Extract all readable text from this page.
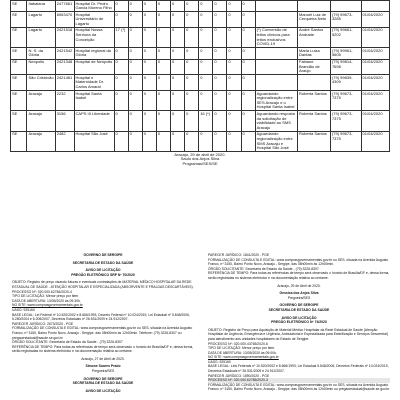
SE	Itabaiana	2477661	Hospital Dr. Pedro Garcia Moreno Filho	0	0	0	0	0	0	0	0	0	0				
SE	Lagarto	6063470	Hospital Universitário de Lagarto	0	0	0	0	0	0	0	0	0	0		Manoel Luiz de Cerqueira Neto	(79) 99673-3285	01/04/2020
SE	Lagarto	2421518	Hospital Nossa Senhora da Conceição	17 (*)	0	0	0	0	0	0	0	0	0	(*) Conversão de leitos clínicos para leitos exclusivos COVID-19	André Santos Andrade	(79) 99661-5202	01/04/2020
SE	N. S. da Glória	2421542	Hospital regional da Glória	0	0	0	0	0	0	0	0	0	0		Maria Luiza Dantas	(79) 99961-5605	01/04/2020
SE	Neópolis	2421348	Hospital de Neópolis	0	0	0	0	0	0	0	0	0	0		Fabiane Brandão de Araújo	(79) 99814-7698	01/04/2020
SE	São Cristóvão	2421461	Hospital e Maternidade Dr. Carlos Amaral	0	0	0	0	0	0	0	0	0	0			(79) 99839-4309	01/04/2020
SE	Aracaju	2232	Hospital Santa Isabel	0	0	0	0	0	0	0	0	0	0	Aguardando regionalização entre SES Aracaju e o Hospital Santa Isabel	Roberta Santos	(79) 99673-7375	01/04/2020
SE	Aracaju	3156	CAPS III Liberdade	0	0	0	0	0	0	16 (*)	0	0	0	Aguardando resposta da solicitação de viabilidade ao SMS Aracaju	Roberta Santos	(79) 99673-7375	01/04/2020
SE	Aracaju	2482	Hospital São José	0	0	0	0	0	0	0	0	0	0	Aguardando regionalização entre SMS Aracaju e Hospital São José	Roberta Santos	(79) 99673-7375	01/04/2020

Aracaju, 29 de abril de 2020.
Saulo dos Anjos Silva
Programas/SES/SE																	
GOVERNO DE SERGIPE
SECRETARIA DE ESTADO DA SAÚDE
AVISO DE LICITAÇÃO
PREGÃO ELETRÔNICO SRP Nº 70/2020
OBJETO: Registro de preço visando futuras e eventuais contratações de MATERIAL MÉDICO HOSPITALAR DA REDE ESTADUAL DE SAÚDE - ATENÇÃO HOSPITALAR E ESPECIALIZADA (ABSORVENTE E FRALDAS DESCARTÁVEIS).
PROCESSO Nº: 020.000.62784/2020-4
TIPO DE LICITAÇÃO: Menor preço por item.
DATA DE ABERTURA: 13/05/2020 às 09:30h.
NO SITE: www.comprasgovernamentais.gov.br
UASG: 925160
BASE LEGAL: Lei Federal nº 10.520/2002 e 8.666/1993, Decreto Federal nº 10.024/2019, Lei Estadual nº 5.848/2006, 5.280/2004 e 6.206/2007, Decretos Estaduais nº 26.531/2009 e 24.912/2007.
PARECER JURÍDICO: 2673/2020 - PGE
FORMALIZAÇÃO DE CONSULTA E EDITAL: www.comprasgovernamentais.gov.br ou SES, situada na Avenida Augusto Franco, nº 3150, Bairro Ponto Novo, Aracaju - Sergipe, das 08h00min às 12h00min. Telefone: (79) 3226-8307 ou pregaoestadual@saude.se.gov.br
ÓRGÃO SOLICITANTE: Secretaria de Estado da Saúde - (79) 3226-8307
REFERÊNCIA DE TEMPO: Para todas as referências de tempo será observado o horário de Brasília/DF e, dessa forma, serão registradas no sistema eletrônico e na documentação relativa ao certame.
Aracaju, 27 de Abril de 2020.
Simone Soares Prado
Pregoeira/SES
GOVERNO DE SERGIPE
SECRETARIA DE ESTADO DA SAÚDE
AVISO DE LICITAÇÃO
PARECER JURÍDICO: 1841/2020 - PGE
FORMALIZAÇÃO DE CONSULTA E EDITAL: www.comprasgovernamentais.gov.br ou SES, situada na Avenida Augusto Franco, nº 3150, Bairro Ponto Novo, Aracaju - Sergipe, das 08h00min às 12h00min.
ÓRGÃO SOLICITANTE: Secretaria de Estado da Saúde - (79) 3226-8307
REFERÊNCIA DE TEMPO: Para todas as referências de tempo será observado o horário de Brasília/DF e, dessa forma, serão registradas no sistema eletrônico e na documentação relativa ao certame.
Aracaju, 29 de Abril de 2020.
Gessica dos Anjos Silva
Pregoeira/SES
GOVERNO DE SERGIPE
SECRETARIA DE ESTADO DA SAÚDE
AVISO DE LICITAÇÃO
PREGÃO ELETRÔNICO Nº 74/2020
OBJETO: Registro de Preço para Aquisição de Material Médico Hospitalar da Rede Estadual de Saúde (Atenção Hospitalar de Urgência, Emergência e Urgência, Ambulatorial e Especializada para Esterilização e Serviços Descentral) para atendimento aos unidades hospitalares do Estado de Sergipe.
PROCESSO Nº: 020.000.43765/2020-6
TIPO DE LICITAÇÃO: Menor preço por item.
DATA DE ABERTURA: 13/05/2020 às 09:00h.
NO SITE: www.comprasgovernamentais.gov.br
UASG: 925160
BASE LEGAL: Leis Federais nº 10.520/2002 e 8.666/1993, Lei Estadual 5.848/2006, Decretos Federais nº 10.024/2019, Decretos Estaduais nº 26.531/2009 e 24.912/2007.
PARECER JURÍDICO: 1890/2020 - PGE
PROCESSO Nº: 020.000.62785/2020-3
FORMALIZAÇÃO DE CONSULTA E EDITAL: www.comprasgovernamentais.gov.br ou SES, situada na Avenida Augusto Franco, nº 3150, Bairro Ponto Novo, Aracaju - Sergipe, das 08h00min às 12h00min ou pregaoestadual@saude.se.gov.br
